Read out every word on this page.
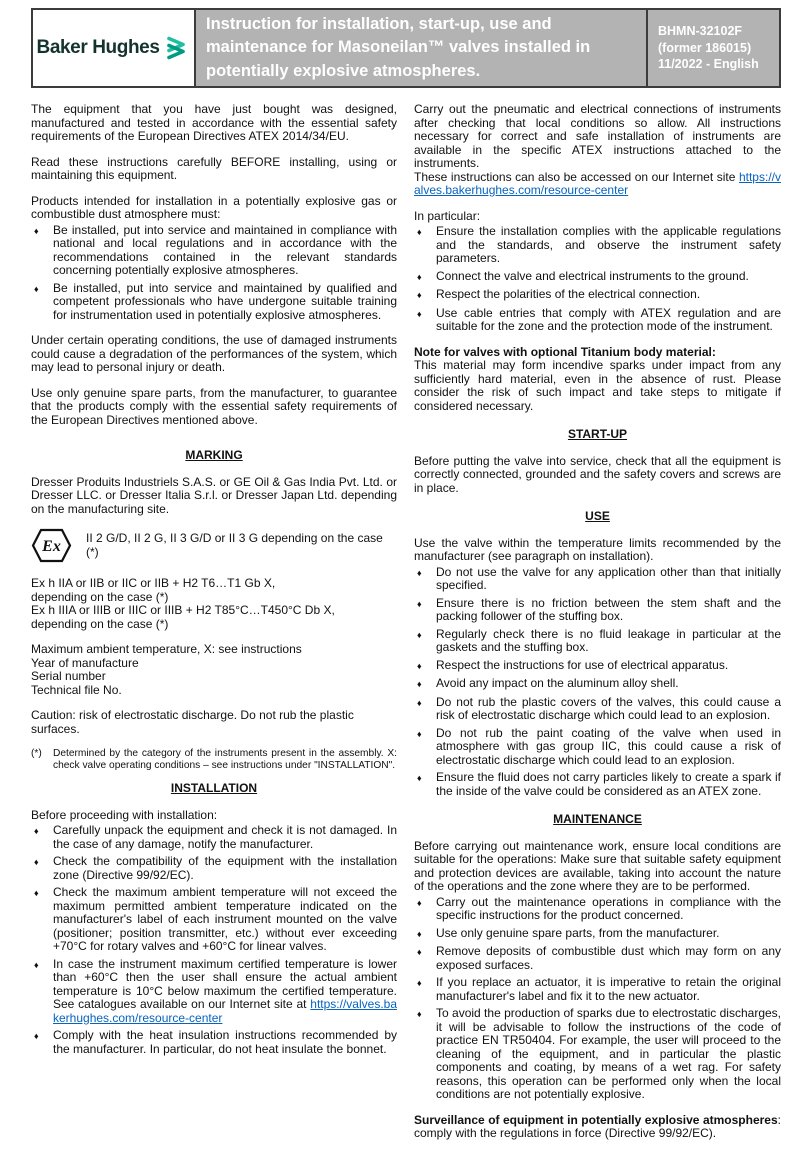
Baker Hughes
Instruction for installation, start-up, use and maintenance for Masoneilan™ valves installed in potentially explosive atmospheres.
BHMN-32102F
(former 186015)
11/2022 - English
The equipment that you have just bought was designed, manufactured and tested in accordance with the essential safety requirements of the European Directives ATEX 2014/34/EU.
Read these instructions carefully BEFORE installing, using or maintaining this equipment.
Products intended for installation in a potentially explosive gas or combustible dust atmosphere must:
♦	Be installed, put into service and maintained in compliance with national and local regulations and in accordance with the recommendations contained in the relevant standards concerning potentially explosive atmospheres.
♦	Be installed, put into service and maintained by qualified and competent professionals who have undergone suitable training for instrumentation used in potentially explosive atmospheres.
Under certain operating conditions, the use of damaged instruments could cause a degradation of the performances of the system, which may lead to personal injury or death.
Use only genuine spare parts, from the manufacturer, to guarantee that the products comply with the essential safety requirements of the European Directives mentioned above.
MARKING
Dresser Produits Industriels S.A.S. or GE Oil & Gas India Pvt. Ltd. or Dresser LLC. or Dresser Italia S.r.l. or Dresser Japan Ltd. depending on the manufacturing site.
Ex II 2 G/D, II 2 G, II 3 G/D or II 3 G depending on the case (*)
Ex h IIA or IIB or IIC or IIB + H2 T6…T1 Gb X,
depending on the case (*)
Ex h IIIA or IIIB or IIIC or IIIB + H2 T85°C…T450°C Db X,
depending on the case (*)
Maximum ambient temperature, X: see instructions
Year of manufacture
Serial number
Technical file No.
Caution: risk of electrostatic discharge. Do not rub the plastic surfaces.
(*)	Determined by the category of the instruments present in the assembly. X: check valve operating conditions – see instructions under "INSTALLATION".
INSTALLATION
Before proceeding with installation:
♦	Carefully unpack the equipment and check it is not damaged. In the case of any damage, notify the manufacturer.
♦	Check the compatibility of the equipment with the installation zone (Directive 99/92/EC).
♦	Check the maximum ambient temperature will not exceed the maximum permitted ambient temperature indicated on the manufacturer's label of each instrument mounted on the valve (positioner; position transmitter, etc.) without ever exceeding +70°C for rotary valves and +60°C for linear valves.
♦	In case the instrument maximum certified temperature is lower than +60°C then the user shall ensure the actual ambient temperature is 10°C below maximum the certified temperature. See catalogues available on our Internet site at https://valves.bakerhughes.com/resource-center
♦	Comply with the heat insulation instructions recommended by the manufacturer. In particular, do not heat insulate the bonnet.
Carry out the pneumatic and electrical connections of instruments after checking that local conditions so allow. All instructions necessary for correct and safe installation of instruments are available in the specific ATEX instructions attached to the instruments.
These instructions can also be accessed on our Internet site https://valves.bakerhughes.com/resource-center
In particular:
♦	Ensure the installation complies with the applicable regulations and the standards, and observe the instrument safety parameters.
♦	Connect the valve and electrical instruments to the ground.
♦	Respect the polarities of the electrical connection.
♦	Use cable entries that comply with ATEX regulation and are suitable for the zone and the protection mode of the instrument.
Note for valves with optional Titanium body material:
This material may form incendive sparks under impact from any sufficiently hard material, even in the absence of rust. Please consider the risk of such impact and take steps to mitigate if considered necessary.
START-UP
Before putting the valve into service, check that all the equipment is correctly connected, grounded and the safety covers and screws are in place.
USE
Use the valve within the temperature limits recommended by the manufacturer (see paragraph on installation).
♦	Do not use the valve for any application other than that initially specified.
♦	Ensure there is no friction between the stem shaft and the packing follower of the stuffing box.
♦	Regularly check there is no fluid leakage in particular at the gaskets and the stuffing box.
♦	Respect the instructions for use of electrical apparatus.
♦	Avoid any impact on the aluminum alloy shell.
♦	Do not rub the plastic covers of the valves, this could cause a risk of electrostatic discharge which could lead to an explosion.
♦	Do not rub the paint coating of the valve when used in atmosphere with gas group IIC, this could cause a risk of electrostatic discharge which could lead to an explosion.
♦	Ensure the fluid does not carry particles likely to create a spark if the inside of the valve could be considered as an ATEX zone.
MAINTENANCE
Before carrying out maintenance work, ensure local conditions are suitable for the operations: Make sure that suitable safety equipment and protection devices are available, taking into account the nature of the operations and the zone where they are to be performed.
♦	Carry out the maintenance operations in compliance with the specific instructions for the product concerned.
♦	Use only genuine spare parts, from the manufacturer.
♦	Remove deposits of combustible dust which may form on any exposed surfaces.
♦	If you replace an actuator, it is imperative to retain the original manufacturer's label and fix it to the new actuator.
♦	To avoid the production of sparks due to electrostatic discharges, it will be advisable to follow the instructions of the code of practice EN TR50404. For example, the user will proceed to the cleaning of the equipment, and in particular the plastic components and coating, by means of a wet rag. For safety reasons, this operation can be performed only when the local conditions are not potentially explosive.
Surveillance of equipment in potentially explosive atmospheres: comply with the regulations in force (Directive 99/92/EC).
